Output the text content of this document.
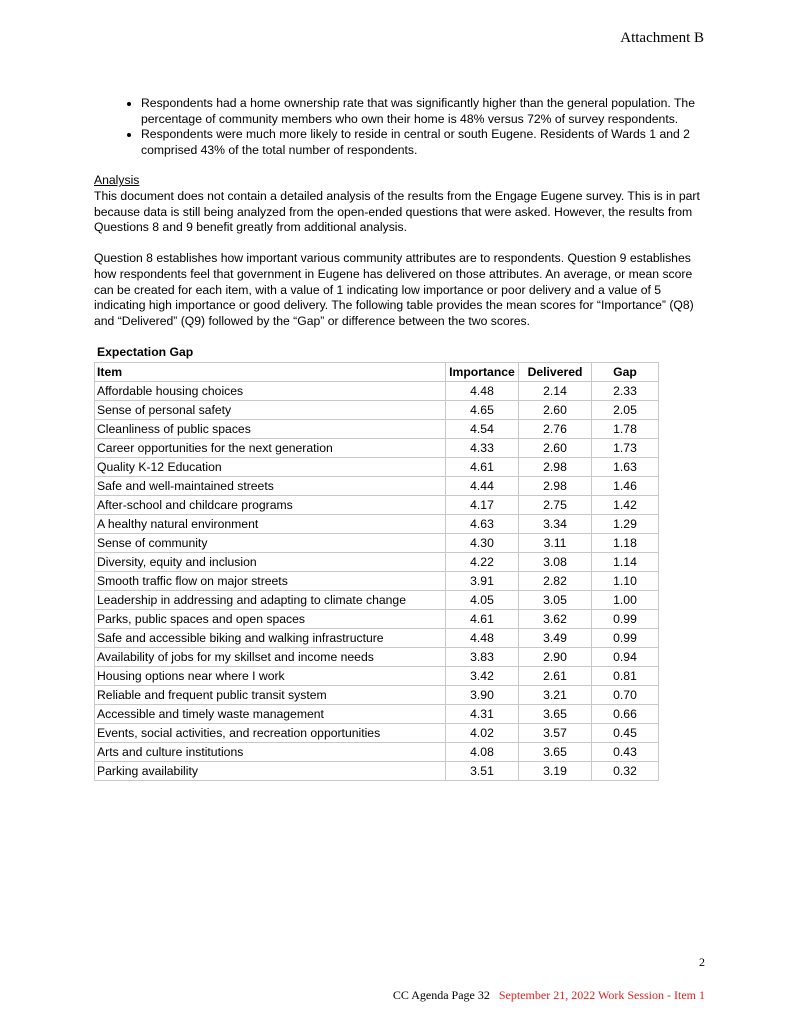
Attachment B
• Respondents had a home ownership rate that was significantly higher than the general population. The percentage of community members who own their home is 48% versus 72% of survey respondents.
• Respondents were much more likely to reside in central or south Eugene. Residents of Wards 1 and 2 comprised 43% of the total number of respondents.
Analysis

This document does not contain a detailed analysis of the results from the Engage Eugene survey. This is in part because data is still being analyzed from the open-ended questions that were asked. However, the results from Questions 8 and 9 benefit greatly from additional analysis.

Question 8 establishes how important various community attributes are to respondents. Question 9 establishes how respondents feel that government in Eugene has delivered on those attributes. An average, or mean score can be created for each item, with a value of 1 indicating low importance or poor delivery and a value of 5 indicating high importance or good delivery. The following table provides the mean scores for “Importance” (Q8) and “Delivered” (Q9) followed by the “Gap” or difference between the two scores.

Expectation Gap
Item	Importance	Delivered	Gap
Affordable housing choices	4.48	2.14	2.33
Sense of personal safety	4.65	2.60	2.05
Cleanliness of public spaces	4.54	2.76	1.78
Career opportunities for the next generation	4.33	2.60	1.73
Quality K-12 Education	4.61	2.98	1.63
Safe and well-maintained streets	4.44	2.98	1.46
After-school and childcare programs	4.17	2.75	1.42
A healthy natural environment	4.63	3.34	1.29
Sense of community	4.30	3.11	1.18
Diversity, equity and inclusion	4.22	3.08	1.14
Smooth traffic flow on major streets	3.91	2.82	1.10
Leadership in addressing and adapting to climate change	4.05	3.05	1.00
Parks, public spaces and open spaces	4.61	3.62	0.99
Safe and accessible biking and walking infrastructure	4.48	3.49	0.99
Availability of jobs for my skillset and income needs	3.83	2.90	0.94
Housing options near where I work	3.42	2.61	0.81
Reliable and frequent public transit system	3.90	3.21	0.70
Accessible and timely waste management	4.31	3.65	0.66
Events, social activities, and recreation opportunities	4.02	3.57	0.45
Arts and culture institutions	4.08	3.65	0.43
Parking availability	3.51	3.19	0.32
2
CC Agenda Page 32 September 21, 2022 Work Session - Item 1
